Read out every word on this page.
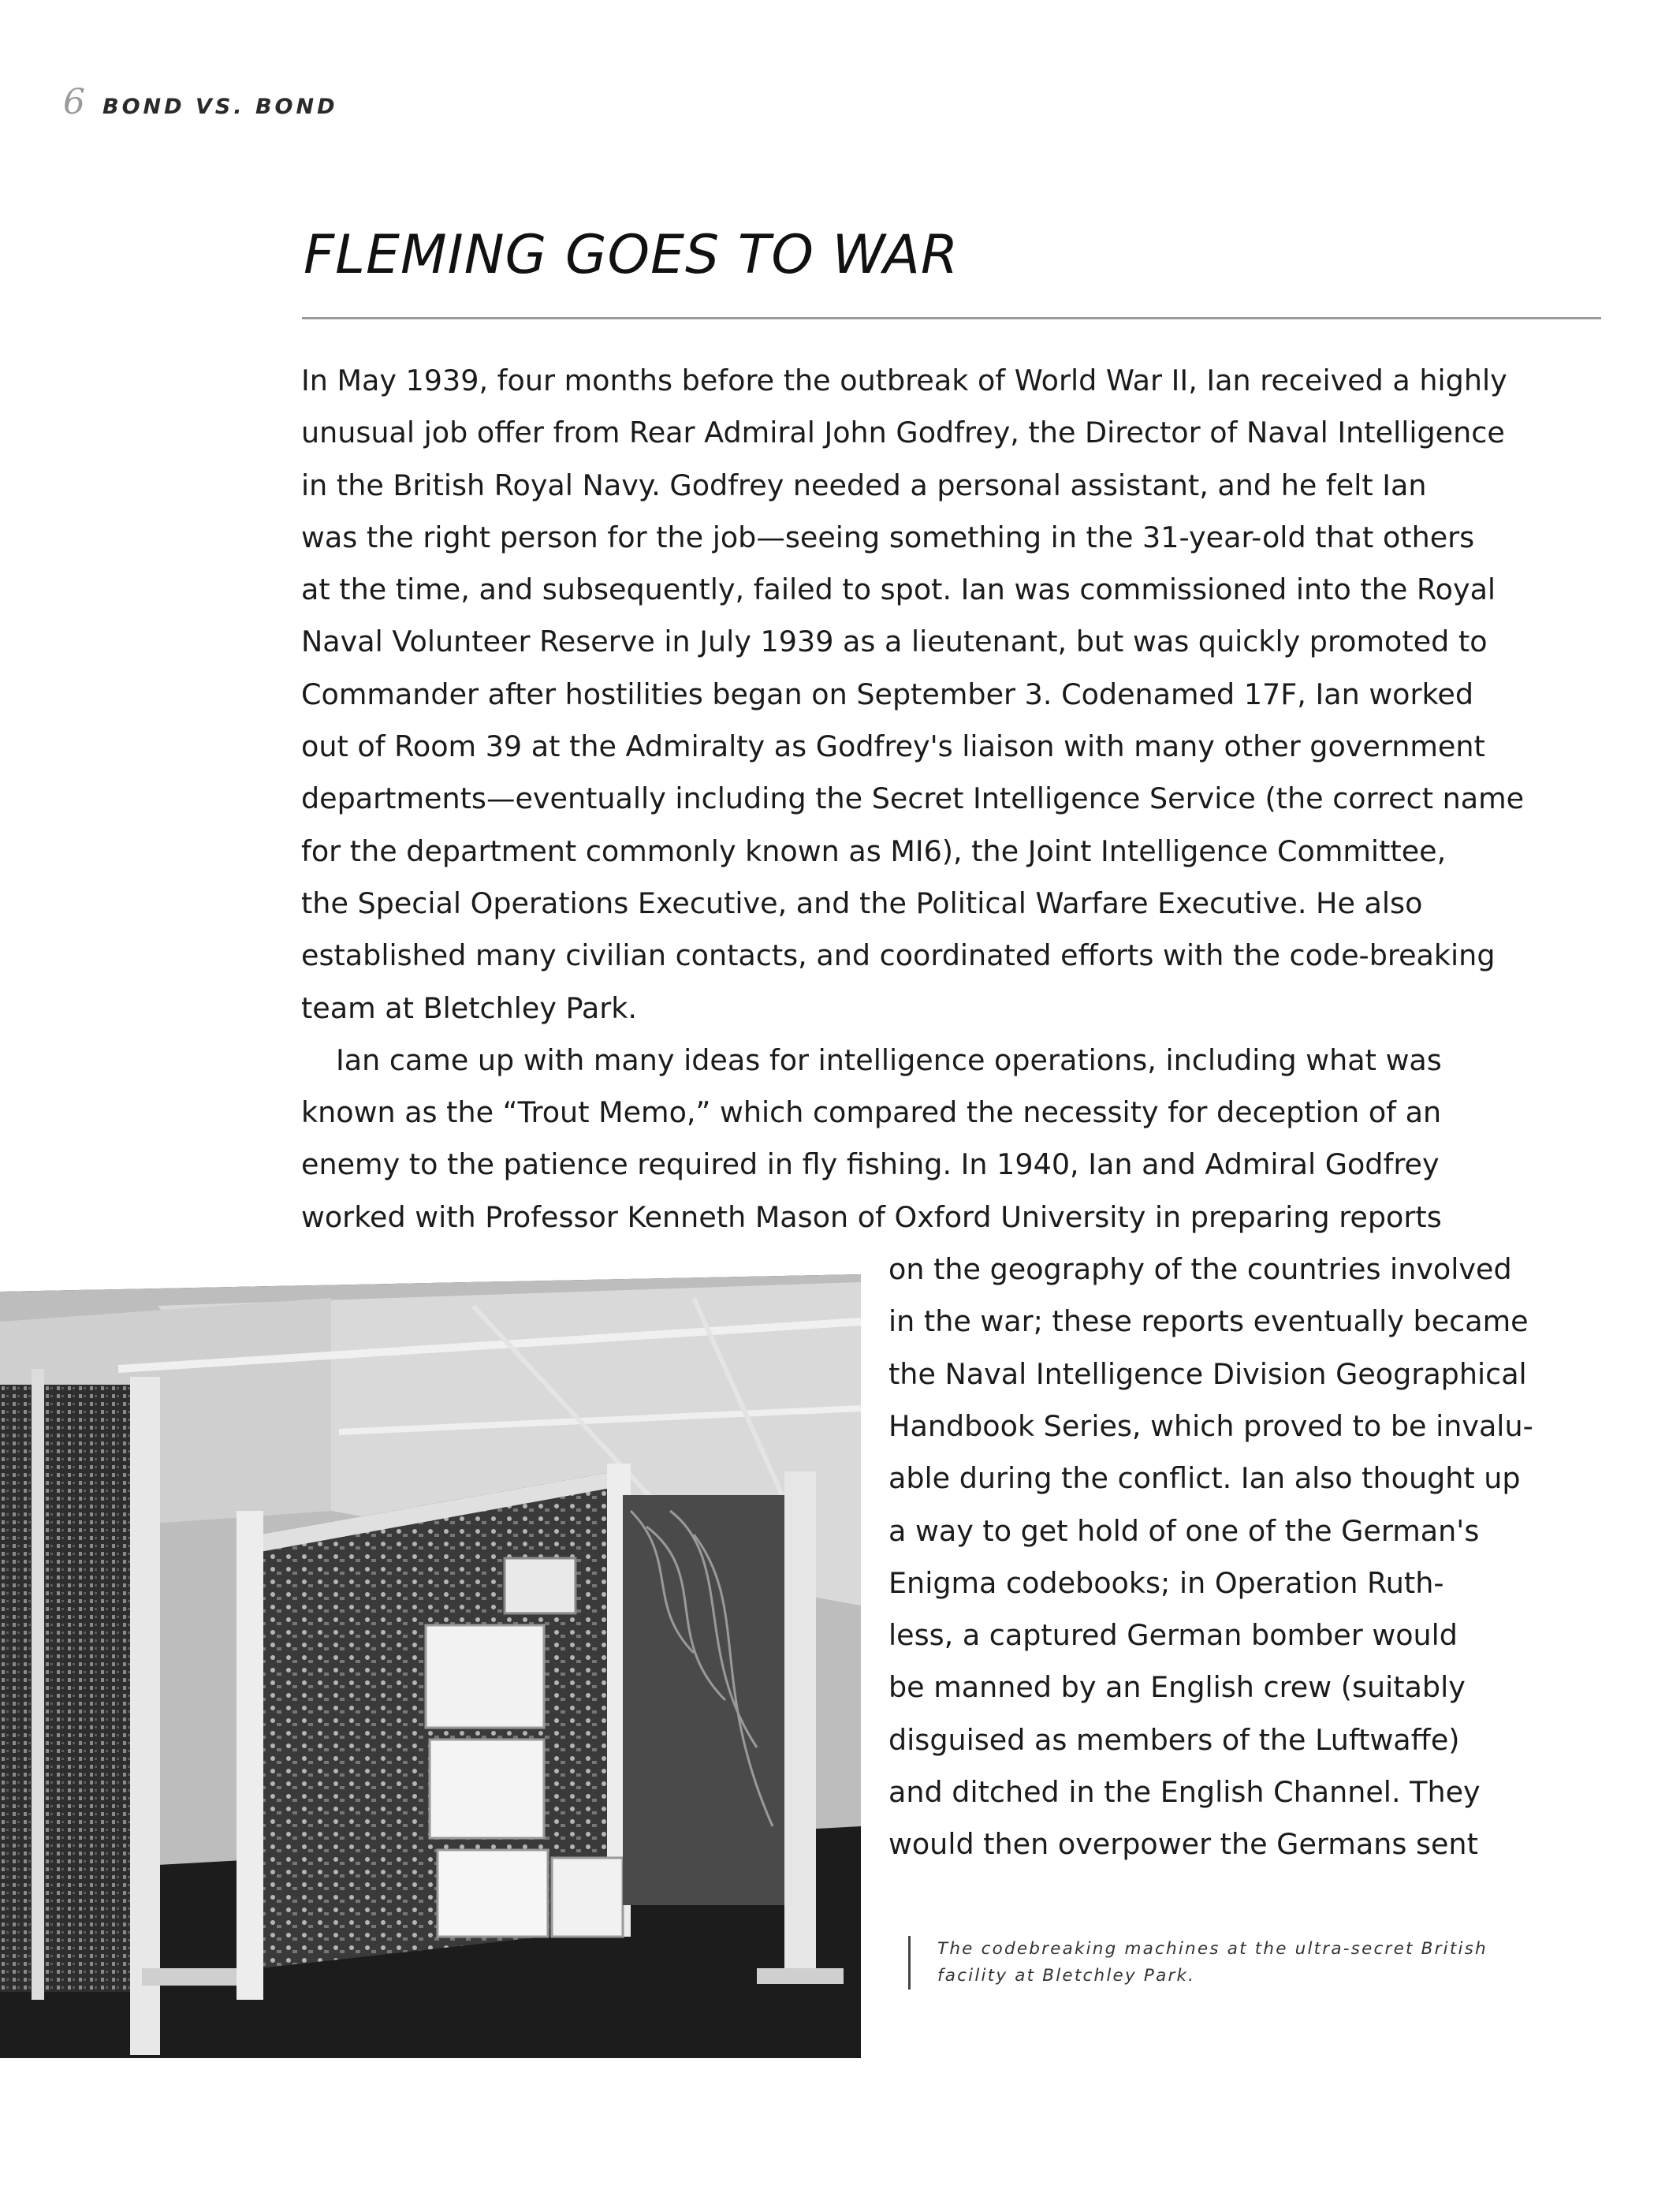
6 BOND VS. BOND
FLEMING GOES TO WAR

In May 1939, four months before the outbreak of World War II, Ian received a highly
unusual job offer from Rear Admiral John Godfrey, the Director of Naval Intelligence
in the British Royal Navy. Godfrey needed a personal assistant, and he felt Ian
was the right person for the job—seeing something in the 31-year-old that others
at the time, and subsequently, failed to spot. Ian was commissioned into the Royal
Naval Volunteer Reserve in July 1939 as a lieutenant, but was quickly promoted to
Commander after hostilities began on September 3. Codenamed 17F, Ian worked
out of Room 39 at the Admiralty as Godfrey's liaison with many other government
departments—eventually including the Secret Intelligence Service (the correct name
for the department commonly known as MI6), the Joint Intelligence Committee,
the Special Operations Executive, and the Political Warfare Executive. He also
established many civilian contacts, and coordinated efforts with the code-breaking
team at Bletchley Park.

Ian came up with many ideas for intelligence operations, including what was
known as the “Trout Memo,” which compared the necessity for deception of an
enemy to the patience required in fly fishing. In 1940, Ian and Admiral Godfrey
worked with Professor Kenneth Mason of Oxford University in preparing reports
on the geography of the countries involved
in the war; these reports eventually became
the Naval Intelligence Division Geographical
Handbook Series, which proved to be invalu-
able during the conflict. Ian also thought up
a way to get hold of one of the German's
Enigma codebooks; in Operation Ruth-
less, a captured German bomber would
be manned by an English crew (suitably
disguised as members of the Luftwaffe)
and ditched in the English Channel. They
would then overpower the Germans sent

The codebreaking machines at the ultra-secret British
facility at Bletchley Park.
